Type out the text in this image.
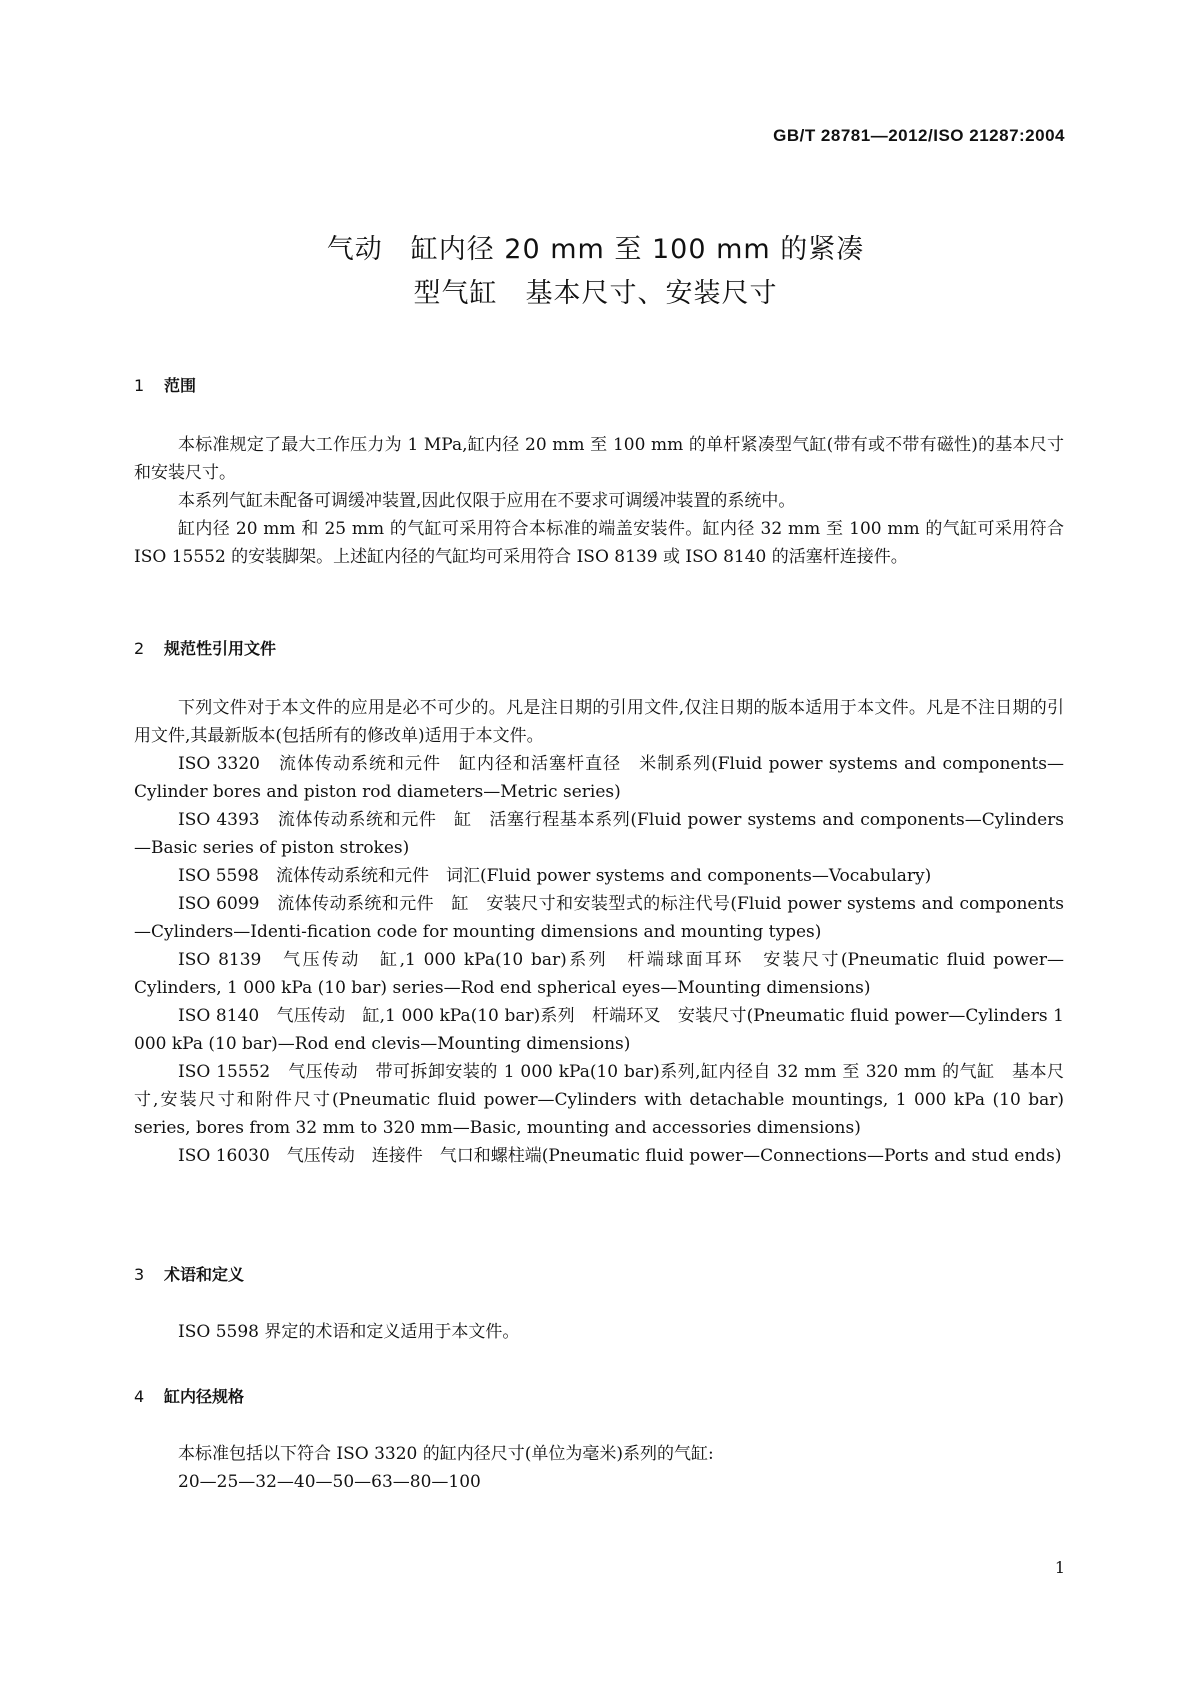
GB/T 28781—2012/ISO 21287:2004
气动　缸内径 20 mm 至 100 mm 的紧凑
型气缸　基本尺寸、安装尺寸
1 范围

本标准规定了最大工作压力为 1 MPa,缸内径 20 mm 至 100 mm 的单杆紧凑型气缸(带有或不带有磁性)的基本尺寸和安装尺寸。

本系列气缸未配备可调缓冲装置,因此仅限于应用在不要求可调缓冲装置的系统中。

缸内径 20 mm 和 25 mm 的气缸可采用符合本标准的端盖安装件。缸内径 32 mm 至 100 mm 的气缸可采用符合 ISO 15552 的安装脚架。上述缸内径的气缸均可采用符合 ISO 8139 或 ISO 8140 的活塞杆连接件。

2 规范性引用文件

下列文件对于本文件的应用是必不可少的。凡是注日期的引用文件,仅注日期的版本适用于本文件。凡是不注日期的引用文件,其最新版本(包括所有的修改单)适用于本文件。

ISO 3320　流体传动系统和元件　缸内径和活塞杆直径　米制系列(Fluid power systems and components—Cylinder bores and piston rod diameters—Metric series)

ISO 4393　流体传动系统和元件　缸　活塞行程基本系列(Fluid power systems and components—Cylinders—Basic series of piston strokes)

ISO 5598　流体传动系统和元件　词汇(Fluid power systems and components—Vocabulary)

ISO 6099　流体传动系统和元件　缸　安装尺寸和安装型式的标注代号(Fluid power systems and components—Cylinders—Identi-fication code for mounting dimensions and mounting types)

ISO 8139　气压传动　缸,1 000 kPa(10 bar)系列　杆端球面耳环　安装尺寸(Pneumatic fluid power—Cylinders, 1 000 kPa (10 bar) series—Rod end spherical eyes—Mounting dimensions)

ISO 8140　气压传动　缸,1 000 kPa(10 bar)系列　杆端环叉　安装尺寸(Pneumatic fluid power—Cylinders 1 000 kPa (10 bar)—Rod end clevis—Mounting dimensions)

ISO 15552　气压传动　带可拆卸安装的 1 000 kPa(10 bar)系列,缸内径自 32 mm 至 320 mm 的气缸　基本尺寸,安装尺寸和附件尺寸(Pneumatic fluid power—Cylinders with detachable mountings, 1 000 kPa (10 bar) series, bores from 32 mm to 320 mm—Basic, mounting and accessories dimensions)

ISO 16030　气压传动　连接件　气口和螺柱端(Pneumatic fluid power—Connections—Ports and stud ends)

3 术语和定义

ISO 5598 界定的术语和定义适用于本文件。

4 缸内径规格

本标准包括以下符合 ISO 3320 的缸内径尺寸(单位为毫米)系列的气缸:

20—25—32—40—50—63—80—100

1
